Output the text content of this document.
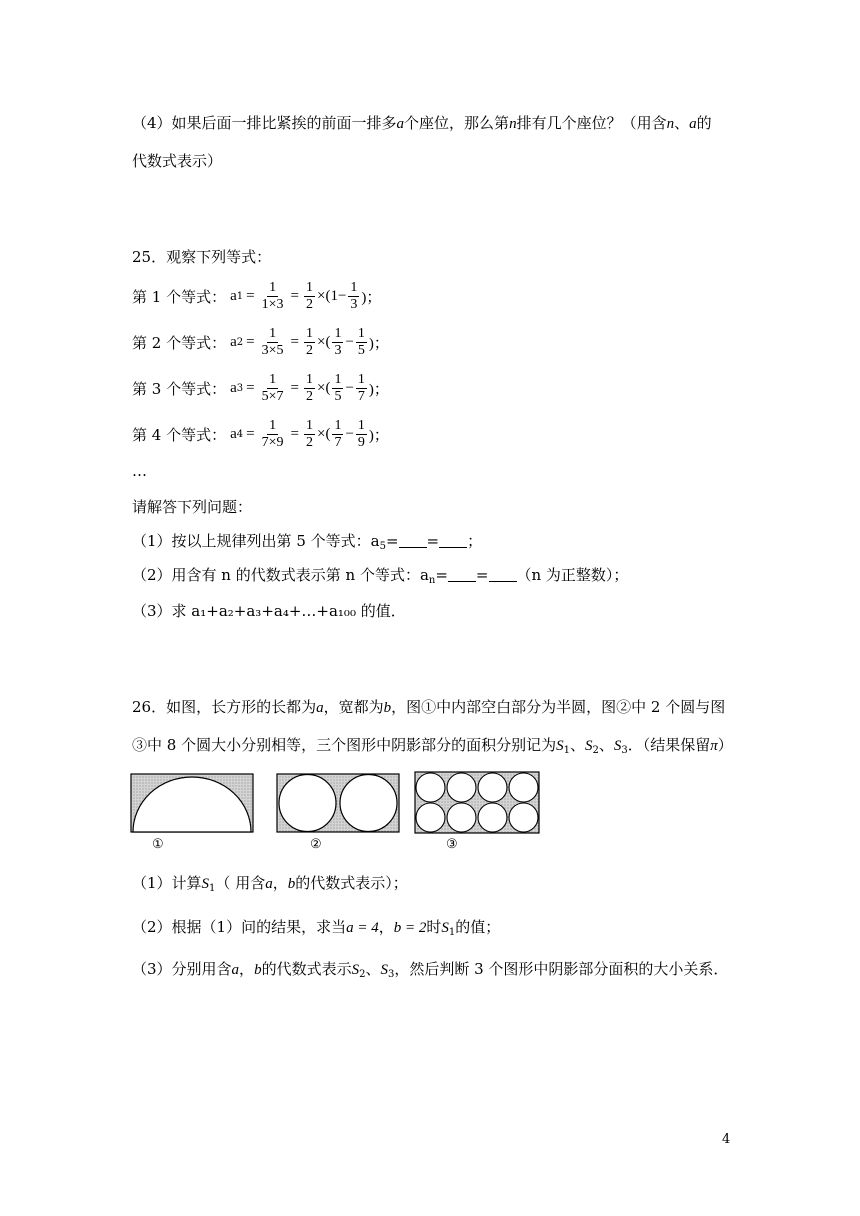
（4）如果后面一排比紧挨的前面一排多a个座位，那么第n排有几个座位？（用含n、a的
代数式表示）
25．观察下列等式：
第 1 个等式： a $1 = \frac{1}{1\times 3} = \frac{1}{2} \times(1- \frac{1}{3}$ )；
第 2 个等式： a $2 = \frac{1}{3\times 5} = \frac{1}{2}$ ×( $\frac{1}{3} - \frac{1}{5}$ )；
第 3 个等式： a $3 = \frac{1}{5\times 7} = \frac{1}{2}$ ×( $\frac{1}{5} - \frac{1}{7}$ )；
第 4 个等式： a $4 = \frac{1}{7\times 9} = \frac{1}{2}$ ×( $\frac{1}{7} - \frac{1}{9}$ )；
…
请解答下列问题：
（1）按以上规律列出第 5 个等式：$a_5=$ = ；
（2）用含有 n 的代数式表示第 n 个等式：$a_n= = (n$ 为正整数）；
（3）求 a₁+a₂+a₃+a₄+…+a₁₀₀ 的值．
26．如图，长方形的长都为a，宽都为b，图①中内部空白部分为半圆，图②中 2 个圆与图
③中 8 个圆大小分别相等，三个图形中阴影部分的面积分别记为$S_1$、$S_2$、$S_3$．（结果保留π）
①	②	③
（1）计算$S_1$（ 用含a，b的代数式表示）；
（2）根据（1）问的结果，求当a = 4，b = 2时$S_1$的值；
（3）分别用含a，b的代数式表示$S_2$、$S_3$，然后判断 3 个图形中阴影部分面积的大小关系．
4
